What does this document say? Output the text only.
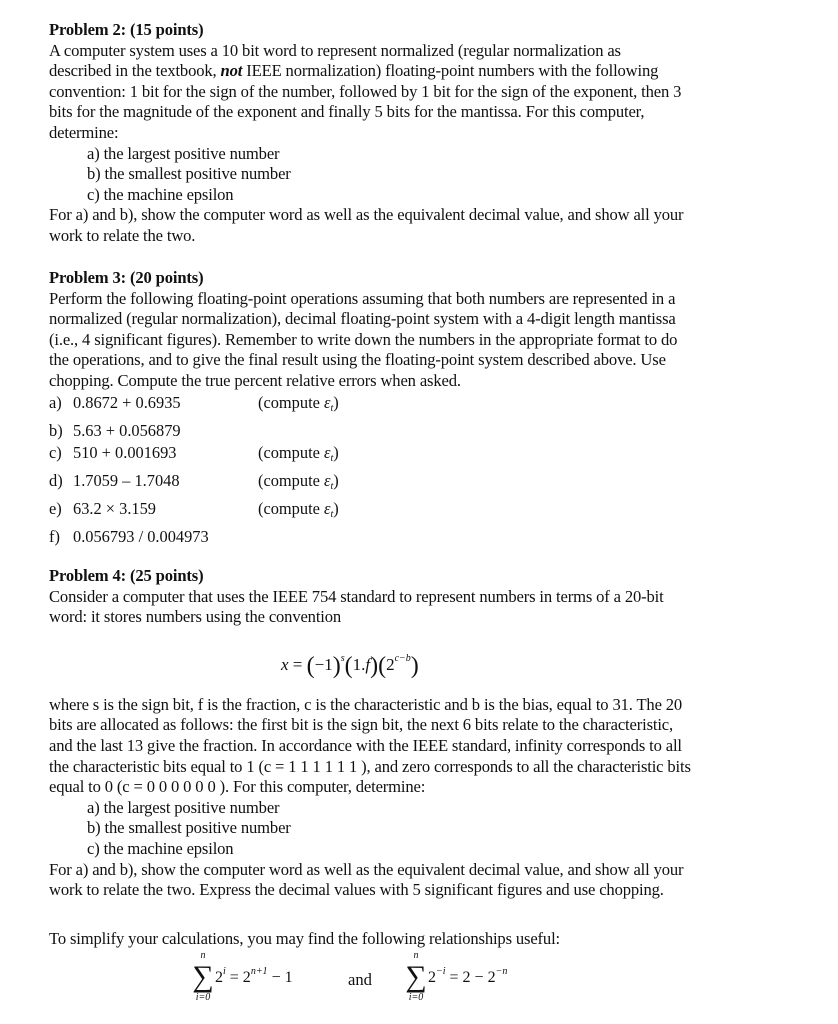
Problem 2: (15 points)
A computer system uses a 10 bit word to represent normalized (regular normalization as
described in the textbook, not IEEE normalization) floating-point numbers with the following
convention: 1 bit for the sign of the number, followed by 1 bit for the sign of the exponent, then 3
bits for the magnitude of the exponent and finally 5 bits for the mantissa. For this computer,
determine:
a) the largest positive number
b) the smallest positive number
c) the machine epsilon
For a) and b), show the computer word as well as the equivalent decimal value, and show all your
work to relate the two.
Problem 3: (20 points)
Perform the following floating-point operations assuming that both numbers are represented in a
normalized (regular normalization), decimal floating-point system with a 4-digit length mantissa
(i.e., 4 significant figures). Remember to write down the numbers in the appropriate format to do
the operations, and to give the final result using the floating-point system described above. Use
chopping. Compute the true percent relative errors when asked.
a) 0.8672 + 0.6935	(compute $\varepsilon_t$)
b) 5.63 + 0.056879
c) 510 + 0.001693	(compute $\varepsilon_t$)
d) 1.7059 – 1.7048	(compute $\varepsilon_t$)
e) 63.2 × 3.159	(compute $\varepsilon_t$)
f) 0.056793 / 0.004973
Problem 4: (25 points)
Consider a computer that uses the IEEE 754 standard to represent numbers in terms of a 20-bit
word: it stores numbers using the convention
$x = (-1)^s(1.f)(2^{c-b})$
where s is the sign bit, f is the fraction, c is the characteristic and b is the bias, equal to 31. The 20
bits are allocated as follows: the first bit is the sign bit, the next 6 bits relate to the characteristic,
and the last 13 give the fraction. In accordance with the IEEE standard, infinity corresponds to all
the characteristic bits equal to 1 (c = 1 1 1 1 1 1 ), and zero corresponds to all the characteristic bits
equal to 0 (c = 0 0 0 0 0 0 ). For this computer, determine:
a) the largest positive number
b) the smallest positive number
c) the machine epsilon
For a) and b), show the computer word as well as the equivalent decimal value, and show all your
work to relate the two. Express the decimal values with 5 significant figures and use chopping.
To simplify your calculations, you may find the following relationships useful:
n
∑
i=0
$2^i = 2^{n+1} - 1$	and
n
∑
i=0
$2^{-i} = 2 - 2^{-n}$
